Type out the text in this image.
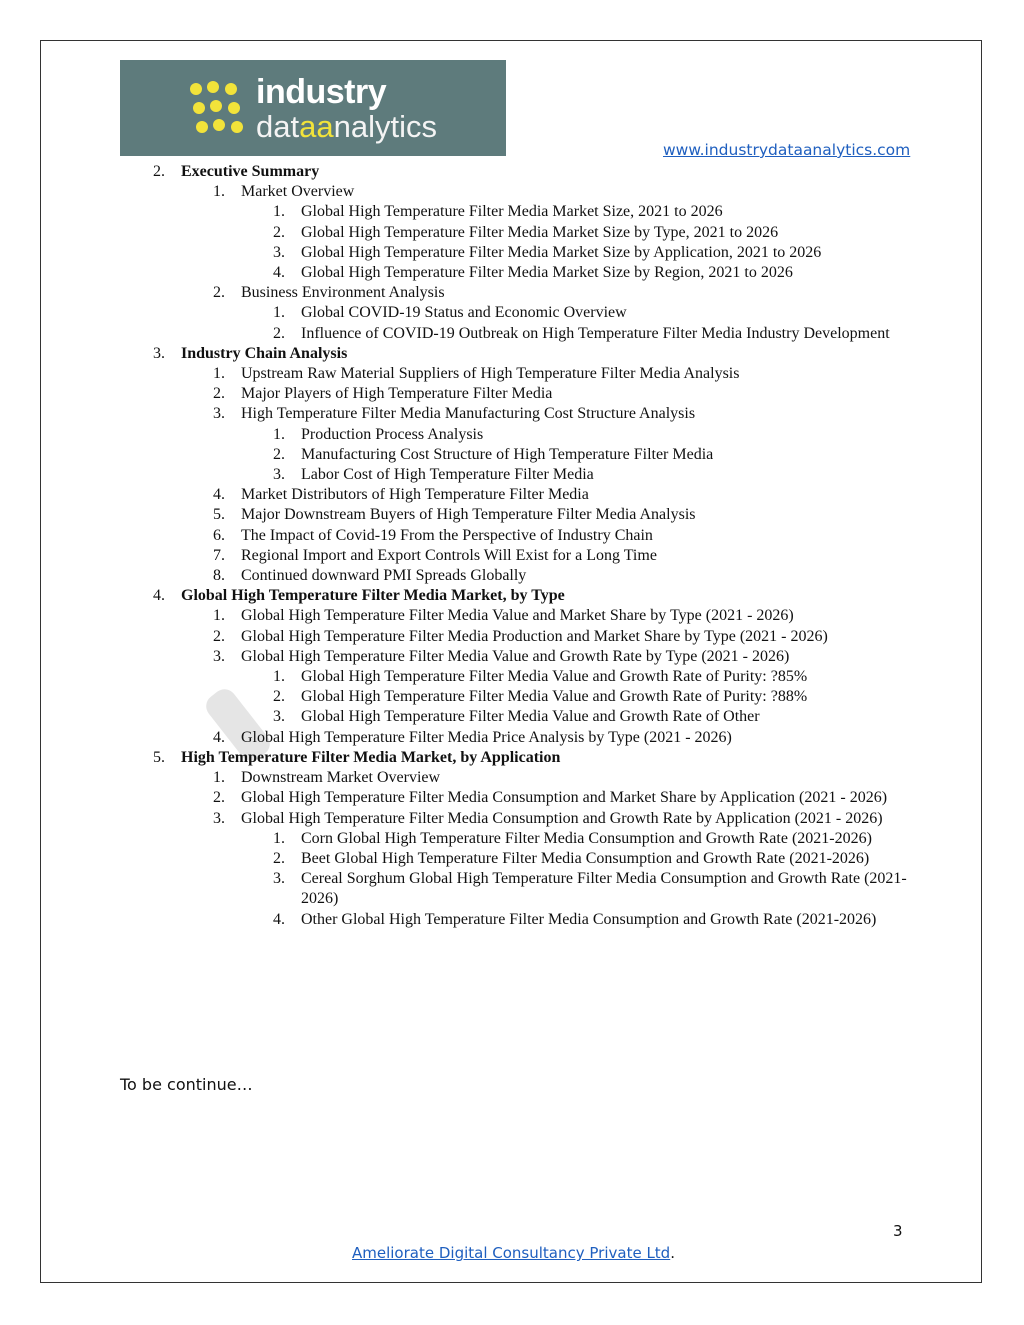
industry
dataanalytics
www.industrydataanalytics.com
2. Executive Summary
1. Market Overview
1. Global High Temperature Filter Media Market Size, 2021 to 2026
2. Global High Temperature Filter Media Market Size by Type, 2021 to 2026
3. Global High Temperature Filter Media Market Size by Application, 2021 to 2026
4. Global High Temperature Filter Media Market Size by Region, 2021 to 2026
2. Business Environment Analysis
1. Global COVID-19 Status and Economic Overview
2. Influence of COVID-19 Outbreak on High Temperature Filter Media Industry Development
3. Industry Chain Analysis
1. Upstream Raw Material Suppliers of High Temperature Filter Media Analysis
2. Major Players of High Temperature Filter Media
3. High Temperature Filter Media Manufacturing Cost Structure Analysis
1. Production Process Analysis
2. Manufacturing Cost Structure of High Temperature Filter Media
3. Labor Cost of High Temperature Filter Media
4. Market Distributors of High Temperature Filter Media
5. Major Downstream Buyers of High Temperature Filter Media Analysis
6. The Impact of Covid-19 From the Perspective of Industry Chain
7. Regional Import and Export Controls Will Exist for a Long Time
8. Continued downward PMI Spreads Globally
4. Global High Temperature Filter Media Market, by Type
1. Global High Temperature Filter Media Value and Market Share by Type (2021 - 2026)
2. Global High Temperature Filter Media Production and Market Share by Type (2021 - 2026)
3. Global High Temperature Filter Media Value and Growth Rate by Type (2021 - 2026)
1. Global High Temperature Filter Media Value and Growth Rate of Purity: ?85%
2. Global High Temperature Filter Media Value and Growth Rate of Purity: ?88%
3. Global High Temperature Filter Media Value and Growth Rate of Other
4. Global High Temperature Filter Media Price Analysis by Type (2021 - 2026)
5. High Temperature Filter Media Market, by Application
1. Downstream Market Overview
2. Global High Temperature Filter Media Consumption and Market Share by Application (2021 - 2026)
3. Global High Temperature Filter Media Consumption and Growth Rate by Application (2021 - 2026)
1. Corn Global High Temperature Filter Media Consumption and Growth Rate (2021-2026)
2. Beet Global High Temperature Filter Media Consumption and Growth Rate (2021-2026)
3. Cereal Sorghum Global High Temperature Filter Media Consumption and Growth Rate (2021-2026)
4. Other Global High Temperature Filter Media Consumption and Growth Rate (2021-2026)
To be continue…
3
Ameliorate Digital Consultancy Private Ltd.
